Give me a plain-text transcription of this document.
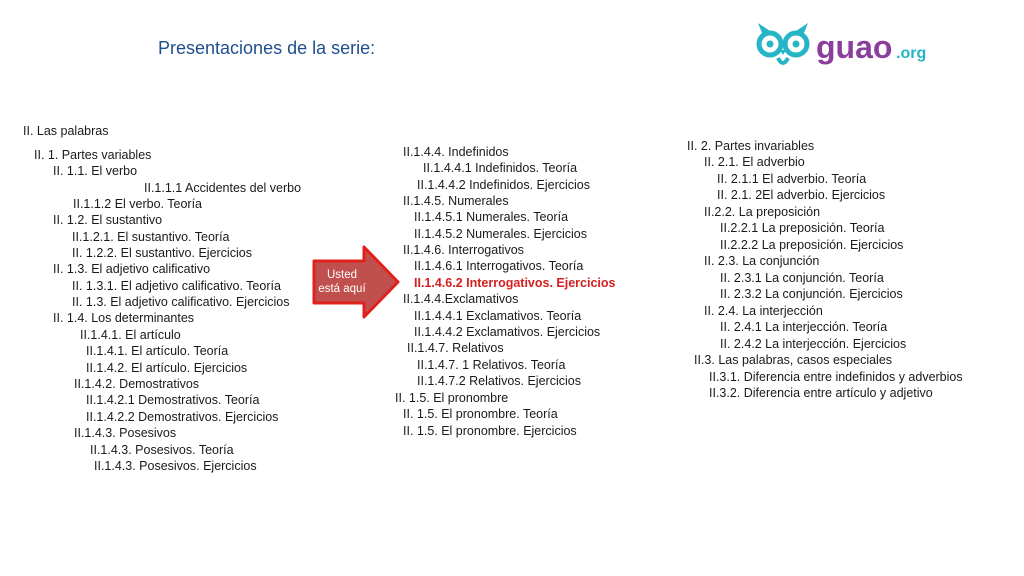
Presentaciones de la serie:	guao .org
Usted
está aquí
II. Las palabras
II. 1. Partes variables
II. 1.1. El verbo
II.1.1.1 Accidentes del verbo
II.1.1.2 El verbo. Teoría
II. 1.2. El sustantivo
II.1.2.1. El sustantivo. Teoría
II. 1.2.2. El sustantivo. Ejercicios
II. 1.3. El adjetivo calificativo
II. 1.3.1. El adjetivo calificativo. Teoría
II. 1.3. El adjetivo calificativo. Ejercicios
II. 1.4. Los determinantes
II.1.4.1. El artículo
II.1.4.1. El artículo. Teoría
II.1.4.2. El artículo. Ejercicios
II.1.4.2. Demostrativos
II.1.4.2.1 Demostrativos. Teoría
II.1.4.2.2 Demostrativos. Ejercicios
II.1.4.3. Posesivos
II.1.4.3. Posesivos. Teoría
II.1.4.3. Posesivos. Ejercicios
II.1.4.4. Indefinidos
II.1.4.4.1 Indefinidos. Teoría
II.1.4.4.2 Indefinidos. Ejercicios
II.1.4.5. Numerales
II.1.4.5.1 Numerales. Teoría
II.1.4.5.2 Numerales. Ejercicios
II.1.4.6. Interrogativos
II.1.4.6.1 Interrogativos. Teoría
II.1.4.6.2 Interrogativos. Ejercicios
II.1.4.4.Exclamativos
II.1.4.4.1 Exclamativos. Teoría
II.1.4.4.2 Exclamativos. Ejercicios
II.1.4.7. Relativos
II.1.4.7. 1 Relativos. Teoría
II.1.4.7.2 Relativos. Ejercicios
II. 1.5. El pronombre
II. 1.5. El pronombre. Teoría
II. 1.5. El pronombre. Ejercicios
II. 2. Partes invariables
II. 2.1. El adverbio
II. 2.1.1 El adverbio. Teoría
II. 2.1. 2El adverbio. Ejercicios
II.2.2. La preposición
II.2.2.1 La preposición. Teoría
II.2.2.2 La preposición. Ejercicios
II. 2.3. La conjunción
II. 2.3.1 La conjunción. Teoría
II. 2.3.2 La conjunción. Ejercicios
II. 2.4. La interjección
II. 2.4.1 La interjección. Teoría
II. 2.4.2 La interjección. Ejercicios
II.3. Las palabras, casos especiales
II.3.1. Diferencia entre indefinidos y adverbios
II.3.2. Diferencia entre artículo y adjetivo
